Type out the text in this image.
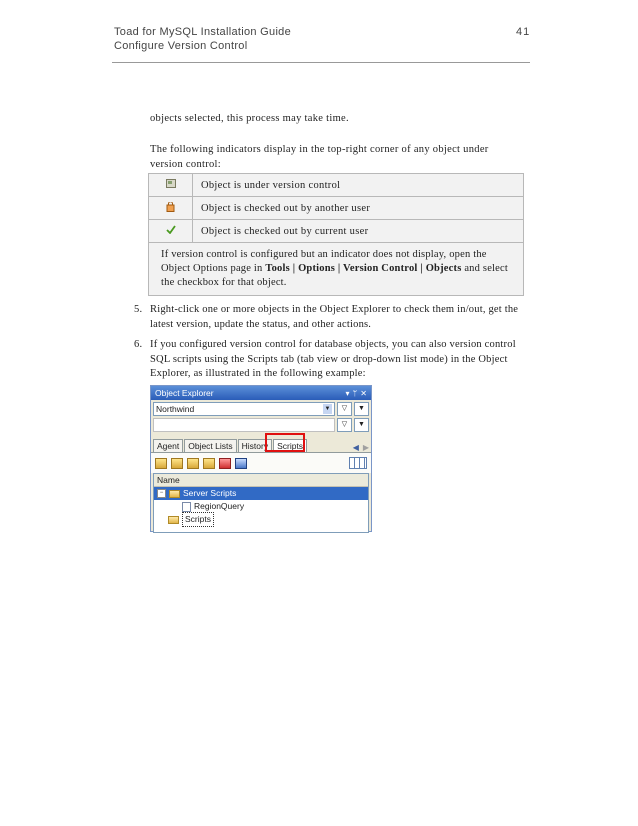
Toad for MySQL Installation Guide
Configure Version Control
41
objects selected, this process may take time.
The following indicators display in the top-right corner of any object under version control:
	Object is under version control
	Object is checked out by another user
	Object is checked out by current user
If version control is configured but an indicator does not display, open the Object Options page in Tools | Options | Version Control | Objects and select the checkbox for that object.	
5. Right-click one or more objects in the Object Explorer to check them in/out, get the latest version, update the status, and other actions.
6. If you configured version control for database objects, you can also version control SQL scripts using the Scripts tab (tab view or drop-down list mode) in the Object Explorer, as illustrated in the following example:
Object Explorer	▾ ᛘ ✕
Northwind	▼	▽	▼
▽	▼
Agent	Object Lists	History	Scripts	◀ ▶
Name
−	Server Scripts
RegionQuery
Scripts
